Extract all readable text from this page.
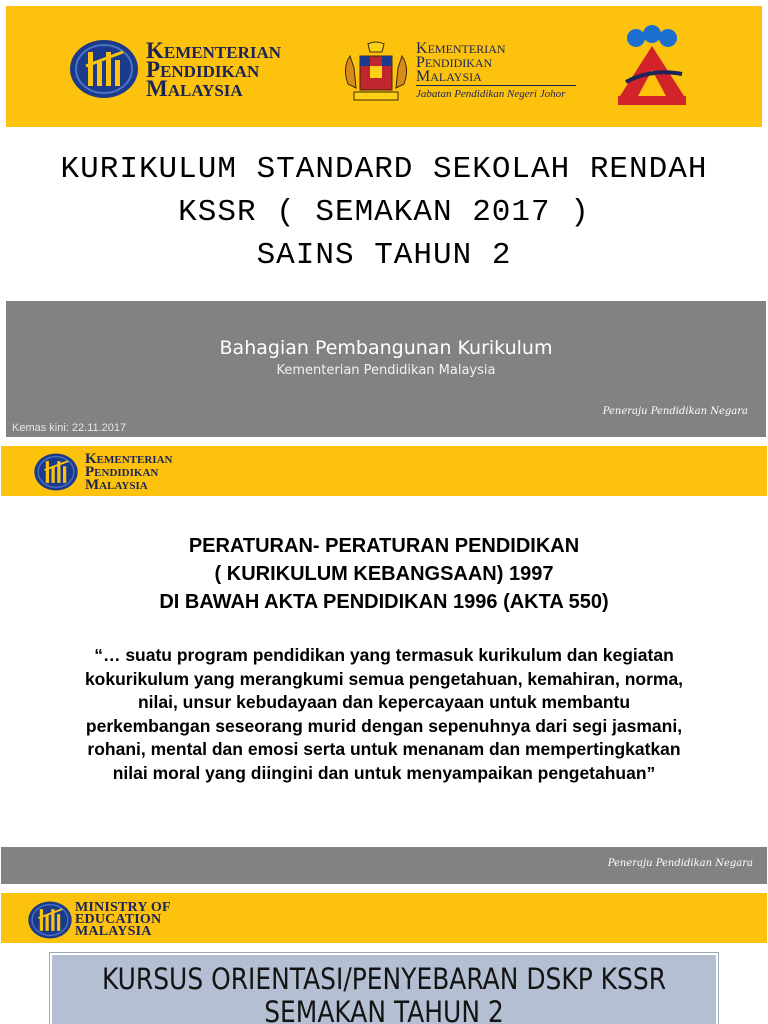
KEMENTERIAN
PENDIDIKAN
MALAYSIA
KEMENTERIAN
PENDIDIKAN
MALAYSIA
Jabatan Pendidikan Negeri Johor
KURIKULUM STANDARD SEKOLAH RENDAH
KSSR ( SEMAKAN 2017 )
SAINS TAHUN 2
Bahagian Pembangunan Kurikulum
Kementerian Pendidikan Malaysia
Peneraju Pendidikan Negara
Kemas kini: 22.11.2017
KEMENTERIAN
PENDIDIKAN
MALAYSIA
PERATURAN- PERATURAN PENDIDIKAN
( KURIKULUM KEBANGSAAN) 1997
DI BAWAH AKTA PENDIDIKAN 1996 (AKTA 550)
“… suatu program pendidikan yang termasuk kurikulum dan kegiatan
kokurikulum yang merangkumi semua pengetahuan, kemahiran, norma,
nilai, unsur kebudayaan dan kepercayaan untuk membantu
perkembangan seseorang murid dengan sepenuhnya dari segi jasmani,
rohani, mental dan emosi serta untuk menanam dan mempertingkatkan
nilai moral yang diingini dan untuk menyampaikan pengetahuan”
Peneraju Pendidikan Negara
MINISTRY OF
EDUCATION
MALAYSIA
KURSUS ORIENTASI/PENYEBARAN DSKP KSSR SEMAKAN TAHUN 2
